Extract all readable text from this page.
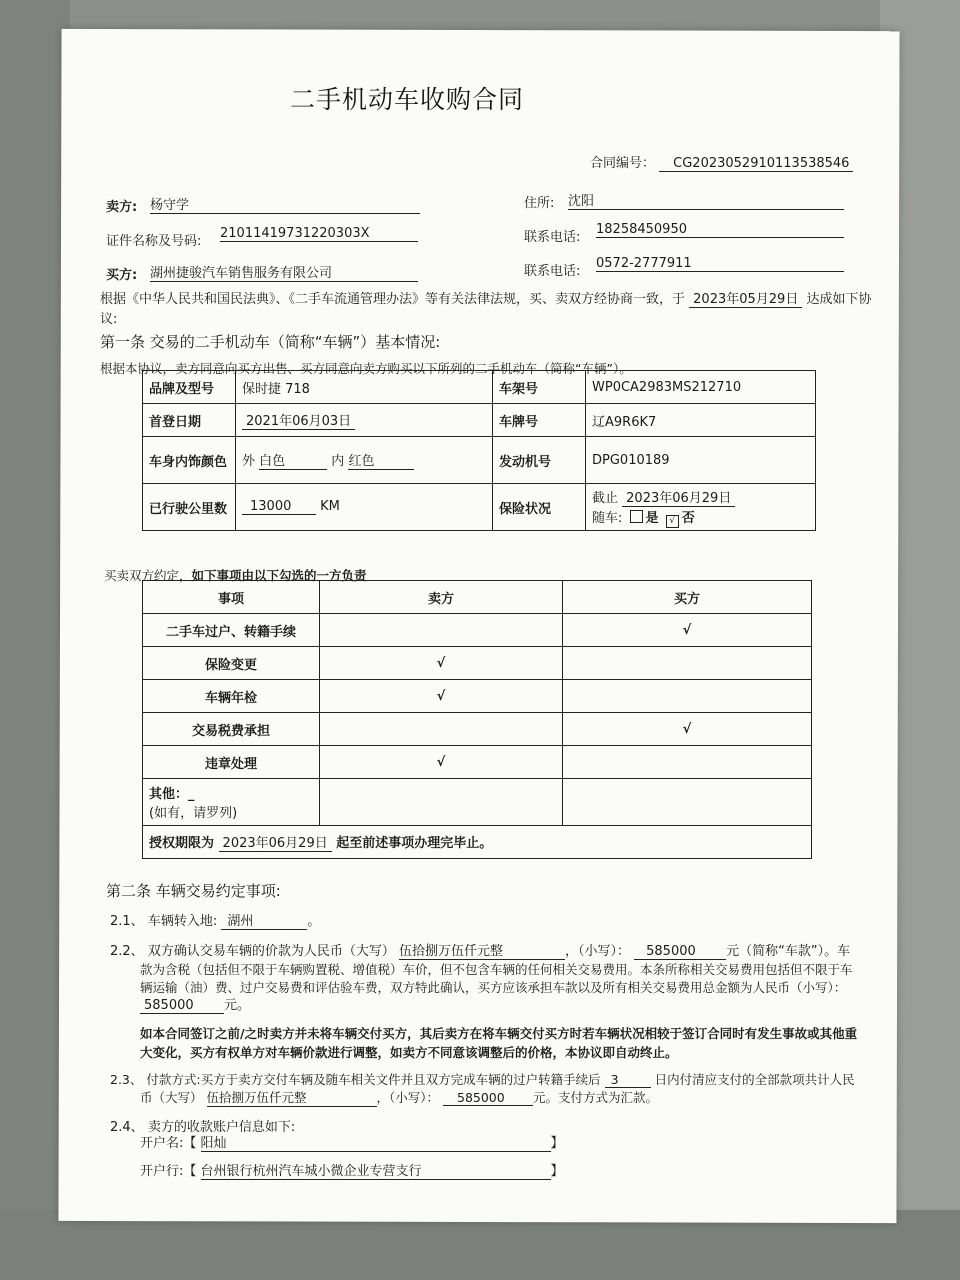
二手机动车收购合同
合同编号： CG2023052910113538546
卖方: 杨守学	住所: 沈阳
证件名称及号码:
21011419731220303X	联系电话:
18258450950
买方: 湖州捷骏汽车销售服务有限公司	联系电话:
0572-2777911
根据《中华人民共和国民法典》、《二手车流通管理办法》等有关法律法规，买、卖双方经协商一致，于 2023年05月29日 达成如下协
议:
第一条 交易的二手机动车（简称“车辆”）基本情况:
根据本协议，卖方同意向买方出售、买方同意向卖方购买以下所列的二手机动车（简称“车辆”）。
品牌及型号	保时捷 718	车架号	WP0CA2983MS212710
首登日期	2021年06月03日	车牌号	辽A9R6K7
车身内饰颜色	外 白色 内 红色	发动机号	DPG010189
已行驶公里数	13000 KM	保险状况	截止 2023年06月29日
随车: 是 √ 否
买卖双方约定，如下事项由以下勾选的一方负责
事项	卖方	买方
二手车过户、转籍手续		√
保险变更	√	
车辆年检	√	
交易税费承担		√
违章处理	√	

其他：_
(如有，请罗列)		

授权期限为 2023年06月29日 起至前述事项办理完毕止。		
第二条 车辆交易约定事项:
2.1、 车辆转入地: 湖州	。
2.2、 双方确认交易车辆的价款为人民币（大写） 伍拾捌万伍仟元整	，（小写）： 585000 元（简称“车款”）。车
款为含税（包括但不限于车辆购置税、增值税）车价，但不包含车辆的任何相关交易费用。本条所称相关交易费用包括但不限于车
辆运输（油）费、过户交易费和评估验车费，双方特此确认，买方应该承担车款以及所有相关交易费用总金额为人民币（小写）：
585000 元。
如本合同签订之前/之时卖方并未将车辆交付买方，其后卖方在将车辆交付买方时若车辆状况相较于签订合同时有发生事故或其他重
大变化，买方有权单方对车辆价款进行调整，如卖方不同意该调整后的价格，本协议即自动终止。
2.3、 付款方式:买方于卖方交付车辆及随车相关文件并且双方完成车辆的过户转籍手续后 3	日内付清应支付的全部款项共计人民
币（大写） 伍拾捌万伍仟元整	，（小写）： 585000 元。支付方式为汇款。
2.4、 卖方的收款账户信息如下:
开户名:【 阳灿	】
开户行:【 台州银行杭州汽车城小微企业专营支行	】
